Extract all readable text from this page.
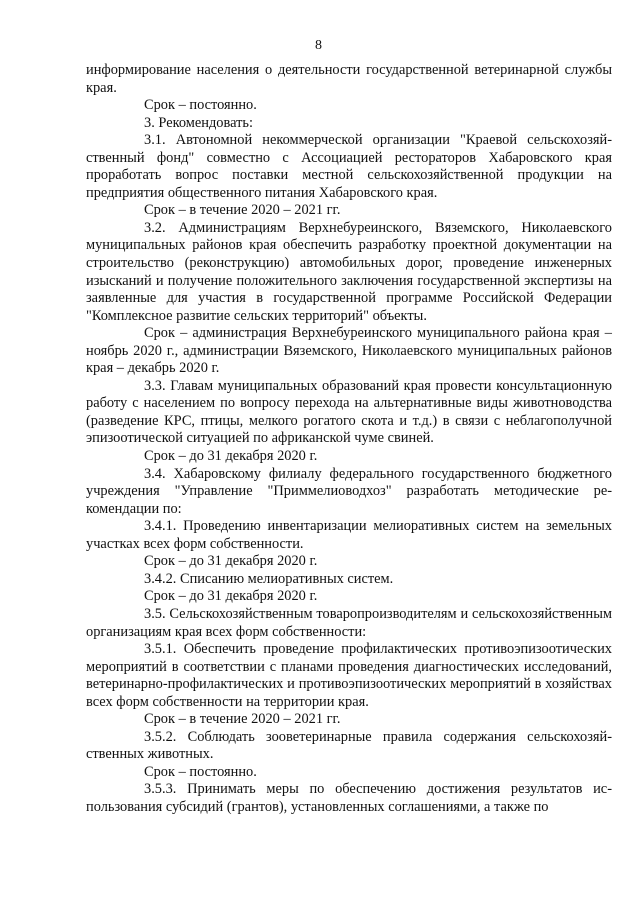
8

информирование населения о деятельности государственной ветеринарной службы края.

Срок – постоянно.

3. Рекомендовать:

3.1. Автономной некоммерческой организации "Краевой сельскохозяйственный фонд" совместно с Ассоциацией рестораторов Хабаровского края проработать вопрос поставки местной сельскохозяйственной продукции на предприятия общественного питания Хабаровского края.

Срок – в течение 2020 – 2021 гг.

3.2. Администрациям Верхнебуреинского, Вяземского, Николаевского муниципальных районов края обеспечить разработку проектной документации на строительство (реконструкцию) автомобильных дорог, проведение инженерных изысканий и получение положительного заключения государственной экспертизы на заявленные для участия в государственной программе Российской Федерации "Комплексное развитие сельских территорий" объекты.

Срок – администрация Верхнебуреинского муниципального района края – ноябрь 2020 г., администрации Вяземского, Николаевского муниципальных районов края – декабрь 2020 г.

3.3. Главам муниципальных образований края провести консультационную работу с населением по вопросу перехода на альтернативные виды животноводства (разведение КРС, птицы, мелкого рогатого скота и т.д.) в связи с неблагополучной эпизоотической ситуацией по африканской чуме свиней.

Срок – до 31 декабря 2020 г.

3.4. Хабаровскому филиалу федерального государственного бюджетного учреждения "Управление "Приммелиоводхоз" разработать методические рекомендации по:

3.4.1. Проведению инвентаризации мелиоративных систем на земельных участках всех форм собственности.

Срок – до 31 декабря 2020 г.

3.4.2. Списанию мелиоративных систем.

Срок – до 31 декабря 2020 г.

3.5. Сельскохозяйственным товаропроизводителям и сельскохозяйственным организациям края всех форм собственности:

3.5.1. Обеспечить проведение профилактических противоэпизоотических мероприятий в соответствии с планами проведения диагностических исследований, ветеринарно-профилактических и противоэпизоотических мероприятий в хозяйствах всех форм собственности на территории края.

Срок – в течение 2020 – 2021 гг.

3.5.2. Соблюдать зооветеринарные правила содержания сельскохозяйственных животных.

Срок – постоянно.

3.5.3. Принимать меры по обеспечению достижения результатов использования субсидий (грантов), установленных соглашениями, а также по
